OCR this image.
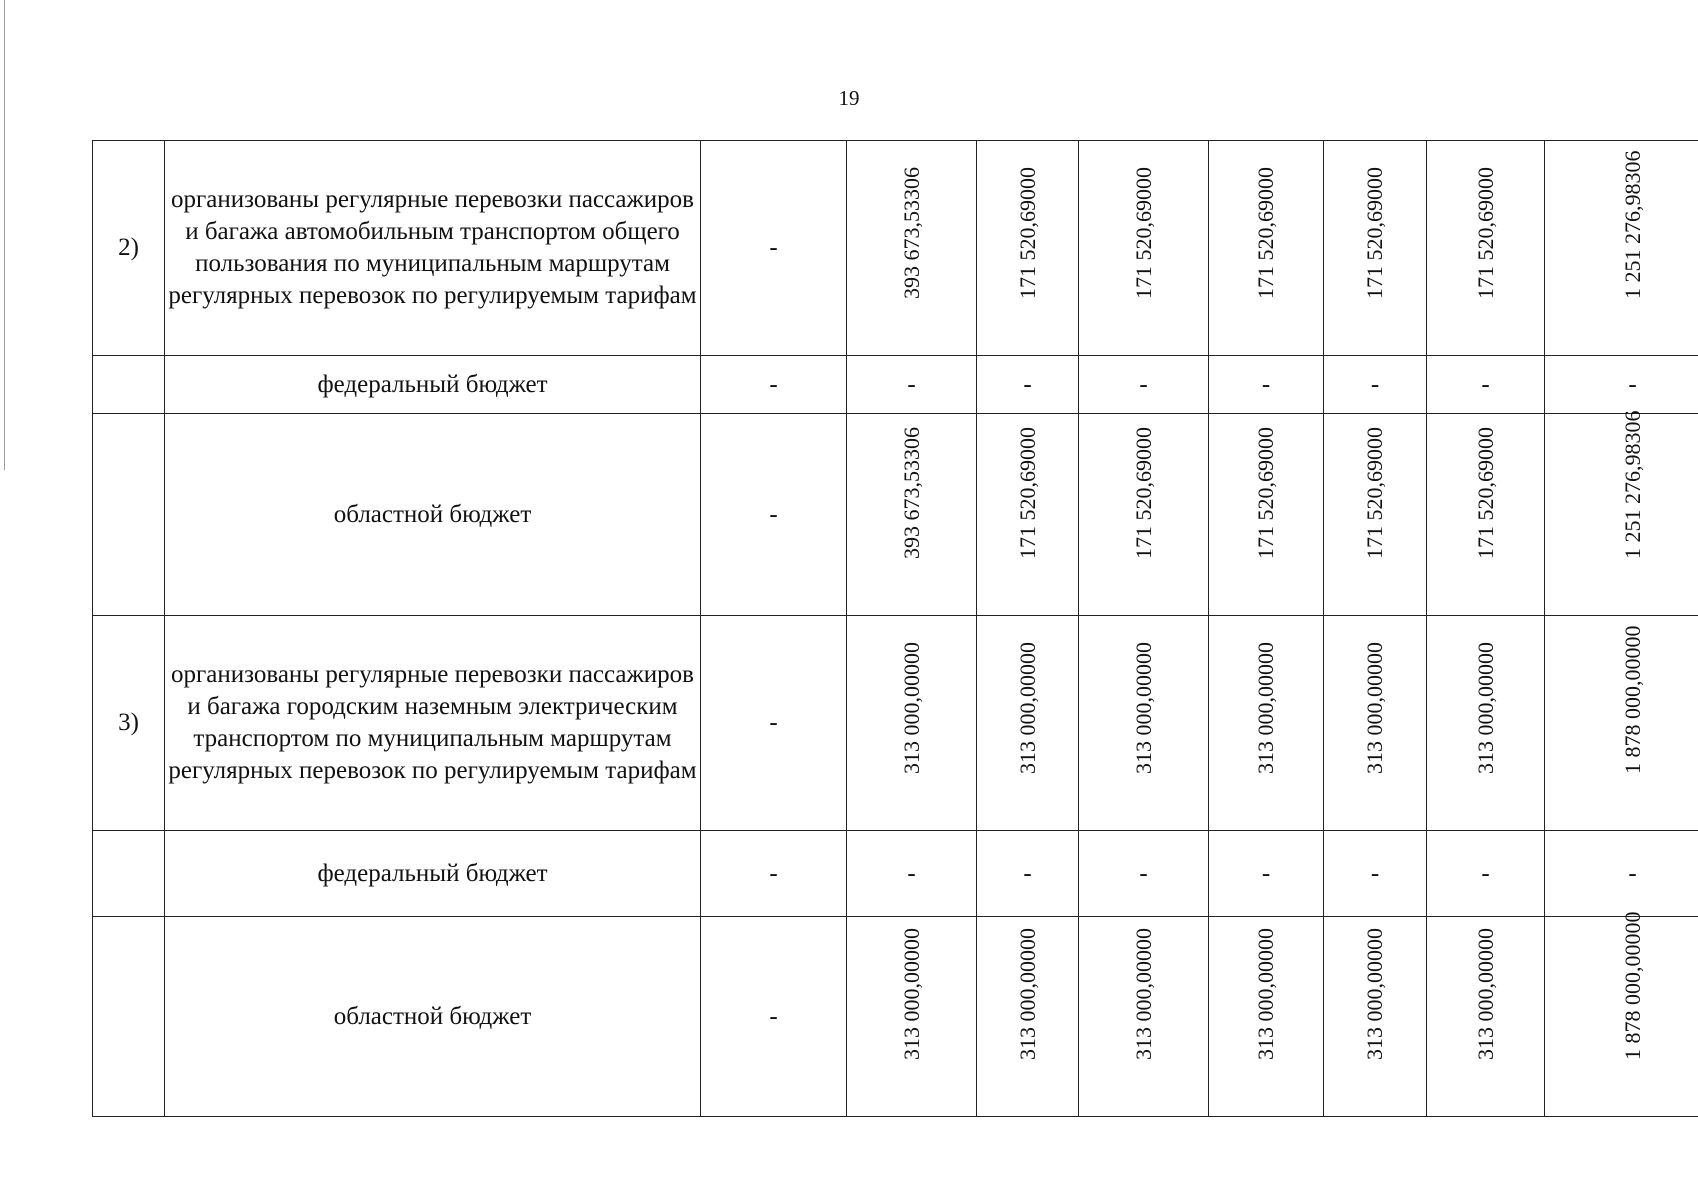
19
2)	организованы регулярные перевозки пассажиров и багажа автомобильным транспортом общего пользования по муниципальным маршрутам регулярных перевозок по регулируемым тарифам	-	393 673,53306	171 520,69000	171 520,69000	171 520,69000	171 520,69000	171 520,69000	1 251 276,98306

	федеральный бюджет	-	-	-	-	-	-	-	-
	областной бюджет	-	393 673,53306	171 520,69000	171 520,69000	171 520,69000	171 520,69000	171 520,69000	1 251 276,98306

3)	организованы регулярные перевозки пассажиров и багажа городским наземным электрическим транспортом по муниципальным маршрутам регулярных перевозок по регулируемым тарифам	-	313 000,00000	313 000,00000	313 000,00000	313 000,00000	313 000,00000	313 000,00000	1 878 000,00000

	федеральный бюджет	-	-	-	-	-	-	-	-
	областной бюджет	-	313 000,00000	313 000,00000	313 000,00000	313 000,00000	313 000,00000	313 000,00000	1 878 000,00000
